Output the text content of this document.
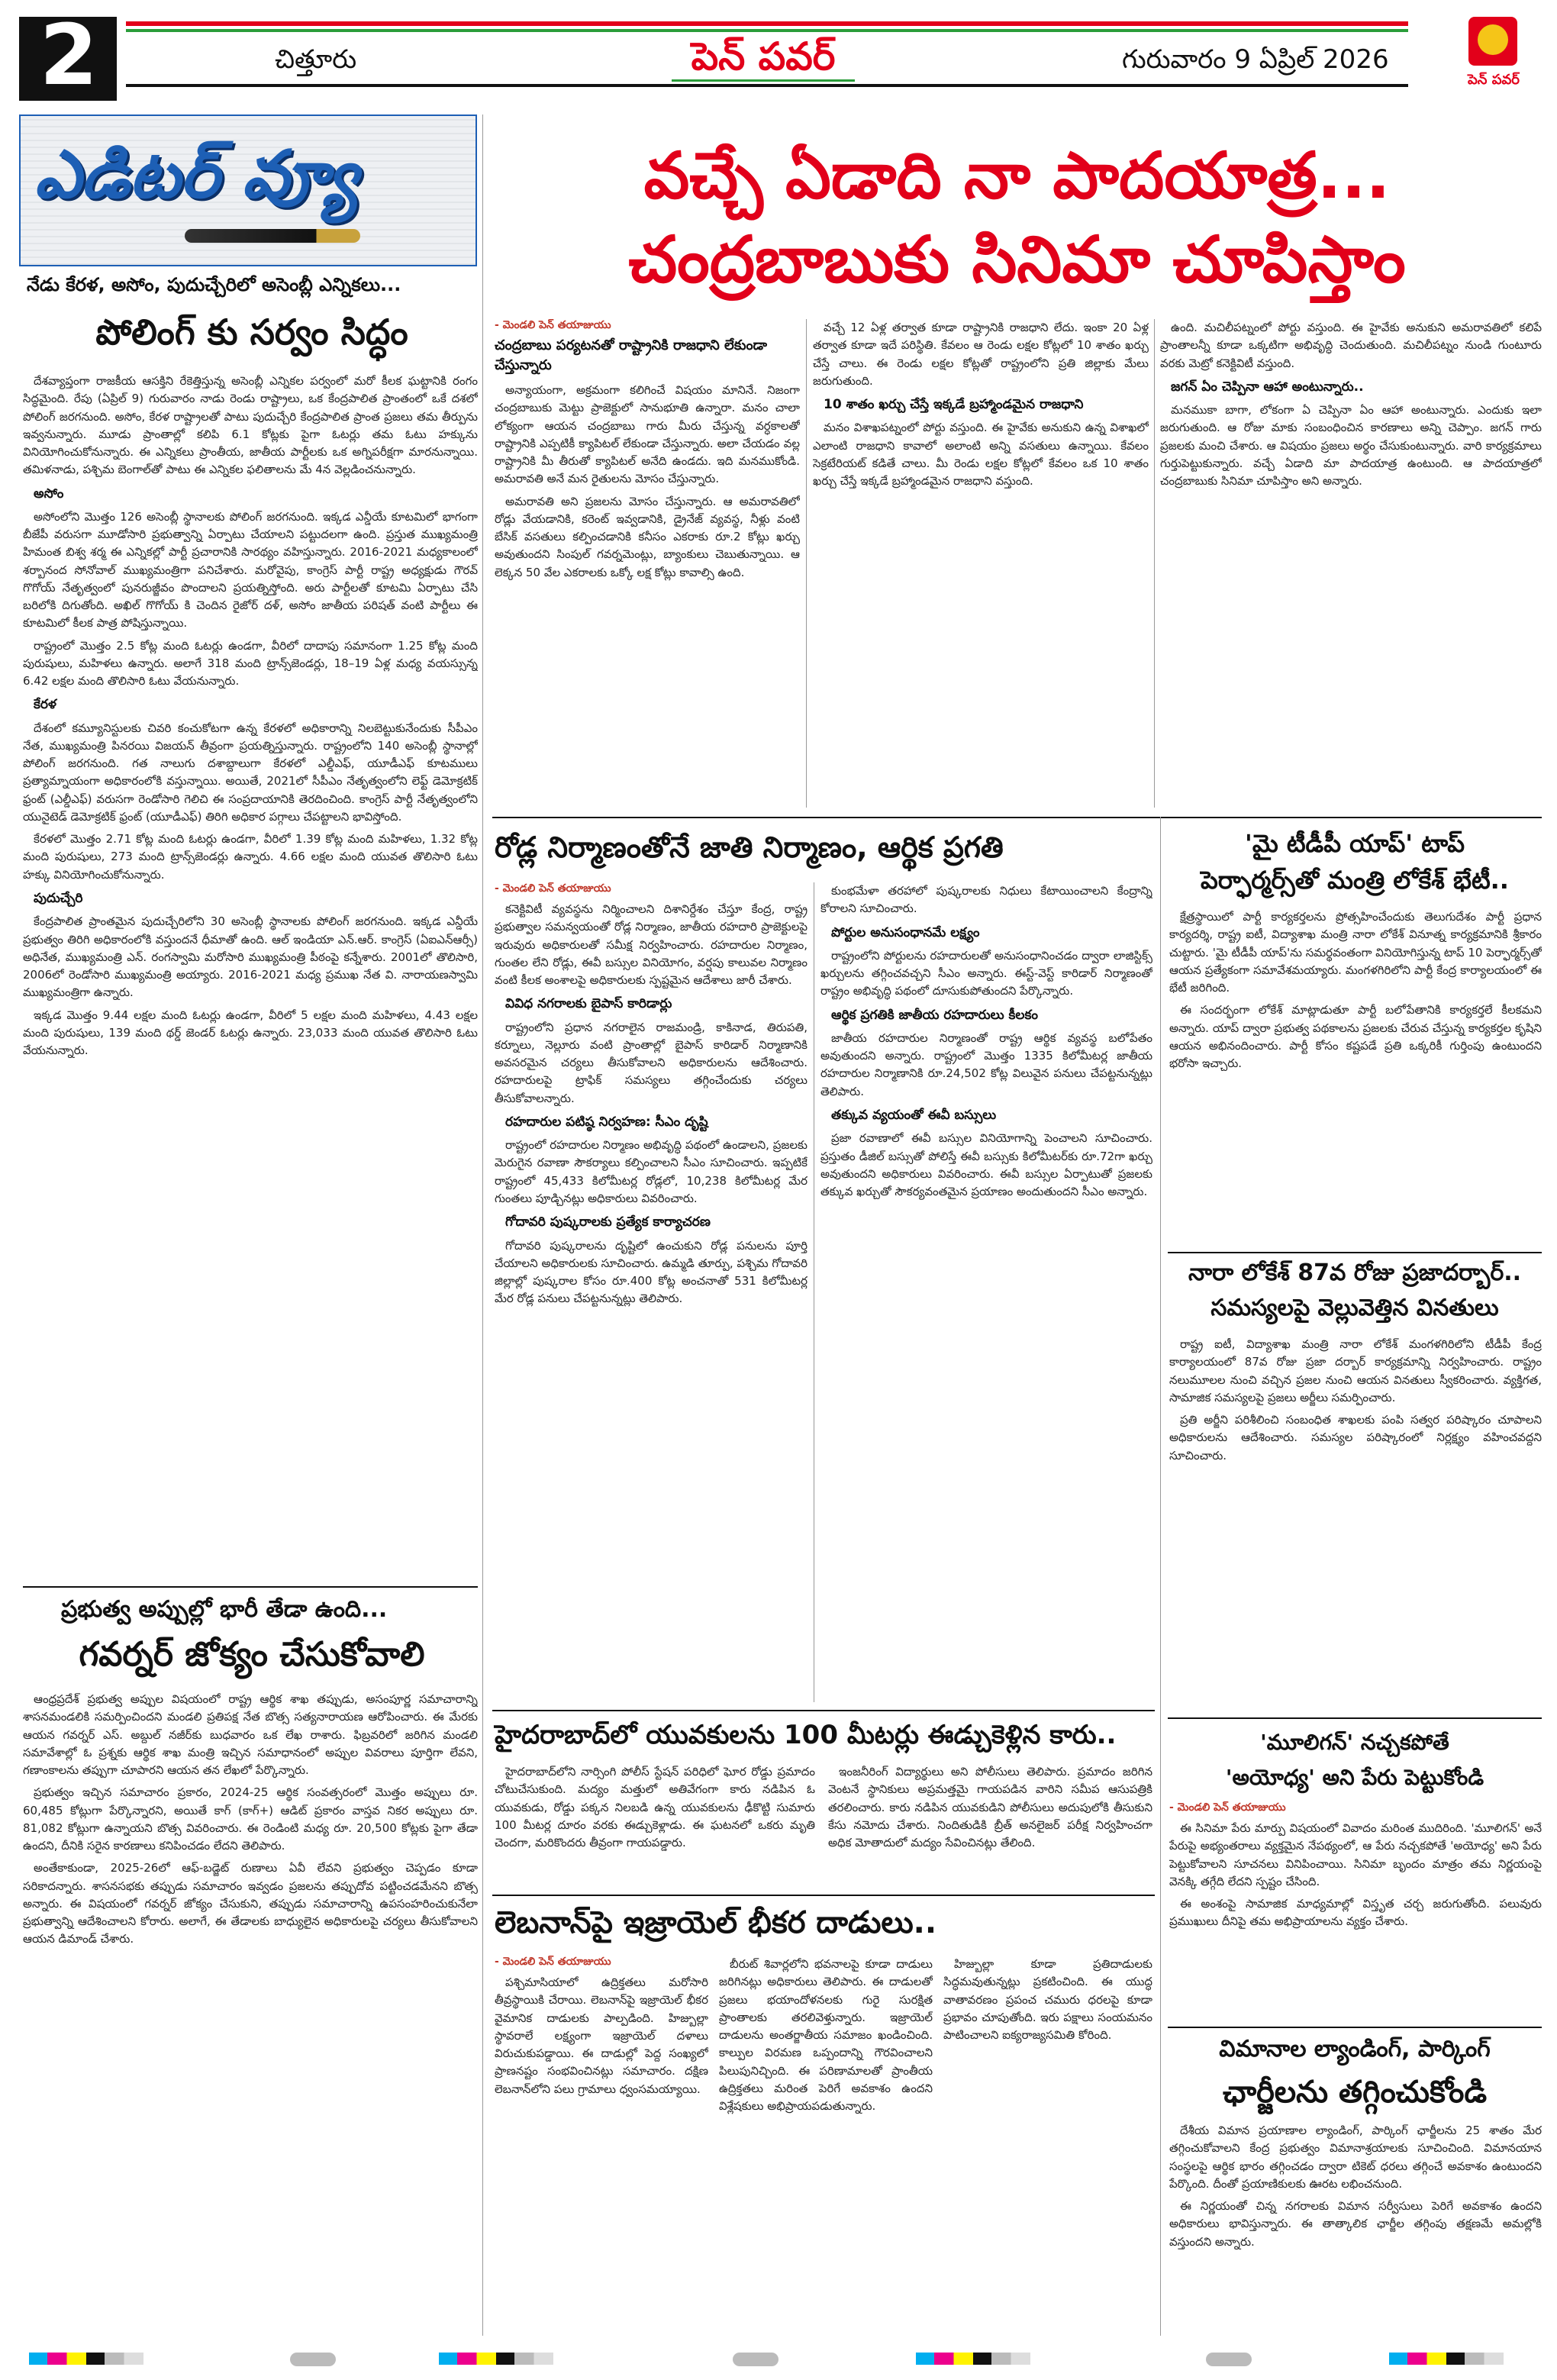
2	చిత్తూరు	పెన్ పవర్	గురువారం 9 ఏప్రిల్ 2026
పెన్ పవర్
ఎడిటర్ వ్యూ
నేడు కేరళ, అసోం, పుదుచ్చేరిలో అసెంబ్లీ ఎన్నికలు...
పోలింగ్ కు సర్వం సిద్ధం

దేశవ్యాప్తంగా రాజకీయ ఆసక్తిని రేకెత్తిస్తున్న అసెంబ్లీ ఎన్నికల పర్వంలో మరో కీలక ఘట్టానికి రంగం సిద్ధమైంది. రేపు (ఏప్రిల్ 9) గురువారం నాడు రెండు రాష్ట్రాలు, ఒక కేంద్రపాలిత ప్రాంతంలో ఒకే దశలో పోలింగ్ జరగనుంది. అసోం, కేరళ రాష్ట్రాలతో పాటు పుదుచ్చేరి కేంద్రపాలిత ప్రాంత ప్రజలు తమ తీర్పును ఇవ్వనున్నారు. మూడు ప్రాంతాల్లో కలిపి 6.1 కోట్లకు పైగా ఓటర్లు తమ ఓటు హక్కును వినియోగించుకోనున్నారు. ఈ ఎన్నికలు ప్రాంతీయ, జాతీయ పార్టీలకు ఒక అగ్నిపరీక్షగా మారనున్నాయి. తమిళనాడు, పశ్చిమ బెంగాల్‌తో పాటు ఈ ఎన్నికల ఫలితాలను మే 4న వెల్లడించనున్నారు.

అసోం

అసోంలోని మొత్తం 126 అసెంబ్లీ స్థానాలకు పోలింగ్ జరగనుంది. ఇక్కడ ఎన్డీయే కూటమిలో భాగంగా బీజేపీ వరుసగా మూడోసారి ప్రభుత్వాన్ని ఏర్పాటు చేయాలని పట్టుదలగా ఉంది. ప్రస్తుత ముఖ్యమంత్రి హిమంత బిశ్వ శర్మ ఈ ఎన్నికల్లో పార్టీ ప్రచారానికి సారథ్యం వహిస్తున్నారు. 2016-2021 మధ్యకాలంలో శర్బానంద సోనోవాల్ ముఖ్యమంత్రిగా పనిచేశారు. మరోవైపు, కాంగ్రెస్ పార్టీ రాష్ట్ర అధ్యక్షుడు గౌరవ్ గొగోయ్ నేతృత్వంలో పునరుజ్జీవం పొందాలని ప్రయత్నిస్తోంది. అరు పార్టీలతో కూటమి ఏర్పాటు చేసి బరిలోకి దిగుతోంది. అఖిల్ గొగోయ్ కి చెందిన రైజోర్ దళ్, అసోం జాతీయ పరిషత్ వంటి పార్టీలు ఈ కూటమిలో కీలక పాత్ర పోషిస్తున్నాయి.

రాష్ట్రంలో మొత్తం 2.5 కోట్ల మంది ఓటర్లు ఉండగా, వీరిలో దాదాపు సమానంగా 1.25 కోట్ల మంది పురుషులు, మహిళలు ఉన్నారు. అలాగే 318 మంది ట్రాన్స్‌జెండర్లు, 18–19 ఏళ్ల మధ్య వయస్సున్న 6.42 లక్షల మంది తొలిసారి ఓటు వేయనున్నారు.

కేరళ

దేశంలో కమ్యూనిస్టులకు చివరి కంచుకోటగా ఉన్న కేరళలో అధికారాన్ని నిలబెట్టుకునేందుకు సీపీఎం నేత, ముఖ్యమంత్రి పినరయి విజయన్ తీవ్రంగా ప్రయత్నిస్తున్నారు. రాష్ట్రంలోని 140 అసెంబ్లీ స్థానాల్లో పోలింగ్ జరగనుంది. గత నాలుగు దశాబ్దాలుగా కేరళలో ఎల్డీఎఫ్, యూడీఎఫ్ కూటములు ప్రత్యామ్నాయంగా అధికారంలోకి వస్తున్నాయి. అయితే, 2021లో సీపీఎం నేతృత్వంలోని లెఫ్ట్ డెమోక్రటిక్ ఫ్రంట్ (ఎల్డీఎఫ్) వరుసగా రెండోసారి గెలిచి ఈ సంప్రదాయానికి తెరదించింది. కాంగ్రెస్ పార్టీ నేతృత్వంలోని యునైటెడ్ డెమోక్రటిక్ ఫ్రంట్ (యూడీఎఫ్) తిరిగి అధికార పగ్గాలు చేపట్టాలని భావిస్తోంది.

కేరళలో మొత్తం 2.71 కోట్ల మంది ఓటర్లు ఉండగా, వీరిలో 1.39 కోట్ల మంది మహిళలు, 1.32 కోట్ల మంది పురుషులు, 273 మంది ట్రాన్స్‌జెండర్లు ఉన్నారు. 4.66 లక్షల మంది యువత తొలిసారి ఓటు హక్కు వినియోగించుకోనున్నారు.

పుదుచ్చేరి

కేంద్రపాలిత ప్రాంతమైన పుదుచ్చేరిలోని 30 అసెంబ్లీ స్థానాలకు పోలింగ్ జరగనుంది. ఇక్కడ ఎన్డీయే ప్రభుత్వం తిరిగి అధికారంలోకి వస్తుందనే ధీమాతో ఉంది. ఆల్ ఇండియా ఎన్.ఆర్. కాంగ్రెస్ (ఏఐఎన్ఆర్సీ) అధినేత, ముఖ్యమంత్రి ఎన్. రంగస్వామి మరోసారి ముఖ్యమంత్రి పీఠంపై కన్నేశారు. 2001లో తొలిసారి, 2006లో రెండోసారి ముఖ్యమంత్రి అయ్యారు. 2016-2021 మధ్య ప్రముఖ నేత వి. నారాయణస్వామి ముఖ్యమంత్రిగా ఉన్నారు.

ఇక్కడ మొత్తం 9.44 లక్షల మంది ఓటర్లు ఉండగా, వీరిలో 5 లక్షల మంది మహిళలు, 4.43 లక్షల మంది పురుషులు, 139 మంది థర్డ్ జెండర్ ఓటర్లు ఉన్నారు. 23,033 మంది యువత తొలిసారి ఓటు వేయనున్నారు.

ప్రభుత్వ అప్పుల్లో భారీ తేడా ఉంది...
గవర్నర్ జోక్యం చేసుకోవాలి

ఆంధ్రప్రదేశ్ ప్రభుత్వ అప్పుల విషయంలో రాష్ట్ర ఆర్థిక శాఖ తప్పుడు, అసంపూర్ణ సమాచారాన్ని శాసనమండలికి సమర్పించిందని మండలి ప్రతిపక్ష నేత బొత్స సత్యనారాయణ ఆరోపించారు. ఈ మేరకు ఆయన గవర్నర్ ఎస్. అబ్దుల్ నజీర్‌కు బుధవారం ఒక లేఖ రాశారు. ఫిబ్రవరిలో జరిగిన మండలి సమావేశాల్లో ఓ ప్రశ్నకు ఆర్థిక శాఖ మంత్రి ఇచ్చిన సమాధానంలో అప్పుల వివరాలు పూర్తిగా లేవని, గణాంకాలను తప్పుగా చూపారని ఆయన తన లేఖలో పేర్కొన్నారు.

ప్రభుత్వం ఇచ్చిన సమాచారం ప్రకారం, 2024-25 ఆర్థిక సంవత్సరంలో మొత్తం అప్పులు రూ. 60,485 కోట్లుగా పేర్కొన్నారని, అయితే కాగ్ (కాగ్+) ఆడిట్ ప్రకారం వాస్తవ నికర అప్పులు రూ. 81,082 కోట్లుగా ఉన్నాయని బొత్స వివరించారు. ఈ రెండింటి మధ్య రూ. 20,500 కోట్లకు పైగా తేడా ఉందని, దీనికి సరైన కారణాలు కనిపించడం లేదని తెలిపారు.

అంతేకాకుండా, 2025-26లో ఆఫ్-బడ్జెట్ రుణాలు ఏవీ లేవని ప్రభుత్వం చెప్పడం కూడా సరికాదన్నారు. శాసనసభకు తప్పుడు సమాచారం ఇవ్వడం ప్రజలను తప్పుదోవ పట్టించడమేనని బొత్స అన్నారు. ఈ విషయంలో గవర్నర్ జోక్యం చేసుకుని, తప్పుడు సమాచారాన్ని ఉపసంహరించుకునేలా ప్రభుత్వాన్ని ఆదేశించాలని కోరారు. అలాగే, ఈ తేడాలకు బాధ్యులైన అధికారులపై చర్యలు తీసుకోవాలని ఆయన డిమాండ్ చేశారు.

వచ్చే ఏడాది నా పాదయాత్ర...
చంద్రబాబుకు సినిమా చూపిస్తాం
- మెండలి పెన్ తయాజుయు
చంద్రబాబు పర్యటనతో రాష్ట్రానికి రాజధాని లేకుండా చేస్తున్నారు

అన్యాయంగా, అక్రమంగా కలిగించే విషయం మానినే. నిజంగా చంద్రబాబుకు మెట్టు ప్రాజెక్టులో సానుభూతి ఉన్నారా. మనం చాలా లోక్యంగా ఆయన చంద్రబాబు గారు మీరు చేస్తున్న వర్ధకాలతో రాష్ట్రానికి ఎప్పటికీ క్యాపిటల్ లేకుండా చేస్తున్నారు. అలా చేయడం వల్ల రాష్ట్రానికి మీ తీరుతో క్యాపిటల్ అనేది ఉండదు. ఇది మనముకోండి. అమరావతి అనే మన రైతులను మోసం చేస్తున్నారు.

అమరావతి అని ప్రజలను మోసం చేస్తున్నారు. ఆ అమరావతిలో రోడ్లు వేయడానికి, కరెంట్ ఇవ్వడానికి, డ్రైనేజ్ వ్యవస్థ, నీళ్లు వంటి బేసిక్ వసతులు కల్పించడానికి కనీసం ఎకరాకు రూ.2 కోట్లు ఖర్చు అవుతుందని సింపుల్ గవర్నమెంట్లు, బ్యాంకులు చెబుతున్నాయి. ఆ లెక్కన 50 వేల ఎకరాలకు ఒక్కో లక్ష కోట్లు కావాల్సి ఉంది.

వచ్చే 12 ఏళ్ల తర్వాత కూడా రాష్ట్రానికి రాజధాని లేదు. ఇంకా 20 ఏళ్ల తర్వాత కూడా ఇదే పరిస్థితి. కేవలం ఆ రెండు లక్షల కోట్లలో 10 శాతం ఖర్చు చేస్తే చాలు. ఈ రెండు లక్షల కోట్లతో రాష్ట్రంలోని ప్రతి జిల్లాకు మేలు జరుగుతుంది.

10 శాతం ఖర్చు చేస్తే ఇక్కడే బ్రహ్మాండమైన రాజధాని

మనం విశాఖపట్నంలో పోర్టు వస్తుంది. ఈ హైవేకు అనుకుని ఉన్న విశాఖలో ఎలాంటి రాజధాని కావాలో అలాంటి అన్ని వసతులు ఉన్నాయి. కేవలం సెక్రటేరియట్ కడితే చాలు. మీ రెండు లక్షల కోట్లలో కేవలం ఒక 10 శాతం ఖర్చు చేస్తే ఇక్కడే బ్రహ్మాండమైన రాజధాని వస్తుంది.

ఉంది. మచిలీపట్నంలో పోర్టు వస్తుంది. ఈ హైవేకు అనుకుని అమరావతిలో కలిపే ప్రాంతాలన్నీ కూడా ఒక్కటిగా అభివృద్ధి చెందుతుంది. మచిలీపట్నం నుండి గుంటూరు వరకు మెట్రో కనెక్టివిటీ వస్తుంది.

జగన్ ఏం చెప్పినా ఆహా అంటున్నారు..

మనముకా బాగా, లోకంగా ఏ చెప్పినా ఏం ఆహా అంటున్నారు. ఎందుకు ఇలా జరుగుతుంది. ఆ రోజు మాకు సంబంధించిన కారణాలు అన్ని చెప్పాం. జగన్ గారు ప్రజలకు మంచి చేశారు. ఆ విషయం ప్రజలు అర్థం చేసుకుంటున్నారు. వారి కార్యక్రమాలు గుర్తుపెట్టుకున్నారు. వచ్చే ఏడాది మా పాదయాత్ర ఉంటుంది. ఆ పాదయాత్రలో చంద్రబాబుకు సినిమా చూపిస్తాం అని అన్నారు.

రోడ్ల నిర్మాణంతోనే జాతి నిర్మాణం, ఆర్థిక ప్రగతి
- మెండలి పెన్ తయాజుయు

కనెక్టివిటీ వ్యవస్థను నిర్మించాలని దిశానిర్దేశం చేస్తూ కేంద్ర, రాష్ట్ర ప్రభుత్వాల సమన్వయంతో రోడ్ల నిర్మాణం, జాతీయ రహదారి ప్రాజెక్టులపై ఇరువురు అధికారులతో సమీక్ష నిర్వహించారు. రహదారుల నిర్మాణం, గుంతల లేని రోడ్లు, ఈవీ బస్సుల వినియోగం, వర్షపు కాలువల నిర్మాణం వంటి కీలక అంశాలపై అధికారులకు స్పష్టమైన ఆదేశాలు జారీ చేశారు.

వివిధ నగరాలకు బైపాస్ కారిడార్లు

రాష్ట్రంలోని ప్రధాన నగరాలైన రాజమండ్రి, కాకినాడ, తిరుపతి, కర్నూలు, నెల్లూరు వంటి ప్రాంతాల్లో బైపాస్ కారిడార్ నిర్మాణానికి అవసరమైన చర్యలు తీసుకోవాలని అధికారులను ఆదేశించారు. రహదారులపై ట్రాఫిక్ సమస్యలు తగ్గించేందుకు చర్యలు తీసుకోవాలన్నారు.

రహదారుల పటిష్ఠ నిర్వహణ: సీఎం దృష్టి

రాష్ట్రంలో రహదారుల నిర్మాణం అభివృద్ధి పథంలో ఉండాలని, ప్రజలకు మెరుగైన రవాణా సౌకర్యాలు కల్పించాలని సీఎం సూచించారు. ఇప్పటికే రాష్ట్రంలో 45,433 కిలోమీటర్ల రోడ్లలో, 10,238 కిలోమీటర్ల మేర గుంతలు పూడ్చినట్లు అధికారులు వివరించారు.

గోదావరి పుష్కరాలకు ప్రత్యేక కార్యాచరణ

గోదావరి పుష్కరాలను దృష్టిలో ఉంచుకుని రోడ్ల పనులను పూర్తి చేయాలని అధికారులకు సూచించారు. ఉమ్మడి తూర్పు, పశ్చిమ గోదావరి జిల్లాల్లో పుష్కరాల కోసం రూ.400 కోట్ల అంచనాతో 531 కిలోమీటర్ల మేర రోడ్ల పనులు చేపట్టనున్నట్లు తెలిపారు.

కుంభమేళా తరహాలో పుష్కరాలకు నిధులు కేటాయించాలని కేంద్రాన్ని కోరాలని సూచించారు.

పోర్టుల అనుసంధానమే లక్ష్యం

రాష్ట్రంలోని పోర్టులను రహదారులతో అనుసంధానించడం ద్వారా లాజిస్టిక్స్ ఖర్చులను తగ్గించవచ్చని సీఎం అన్నారు. ఈస్ట్-వెస్ట్ కారిడార్ నిర్మాణంతో రాష్ట్రం అభివృద్ధి పథంలో దూసుకుపోతుందని పేర్కొన్నారు.

ఆర్థిక ప్రగతికి జాతీయ రహదారులు కీలకం

జాతీయ రహదారుల నిర్మాణంతో రాష్ట్ర ఆర్థిక వ్యవస్థ బలోపేతం అవుతుందని అన్నారు. రాష్ట్రంలో మొత్తం 1335 కిలోమీటర్ల జాతీయ రహదారుల నిర్మాణానికి రూ.24,502 కోట్ల విలువైన పనులు చేపట్టనున్నట్లు తెలిపారు.

తక్కువ వ్యయంతో ఈవీ బస్సులు

ప్రజా రవాణాలో ఈవీ బస్సుల వినియోగాన్ని పెంచాలని సూచించారు. ప్రస్తుతం డీజిల్ బస్సుతో పోలిస్తే ఈవీ బస్సుకు కిలోమీటర్‌కు రూ.72గా ఖర్చు అవుతుందని అధికారులు వివరించారు. ఈవీ బస్సుల ఏర్పాటుతో ప్రజలకు తక్కువ ఖర్చుతో సౌకర్యవంతమైన ప్రయాణం అందుతుందని సీఎం అన్నారు.

హైదరాబాద్‌లో యువకులను 100 మీటర్లు ఈడ్చుకెళ్లిన కారు..

హైదరాబాద్‌లోని నార్సింగి పోలీస్ స్టేషన్ పరిధిలో ఘోర రోడ్డు ప్రమాదం చోటుచేసుకుంది. మద్యం మత్తులో అతివేగంగా కారు నడిపిన ఓ యువకుడు, రోడ్డు పక్కన నిలబడి ఉన్న యువకులను ఢీకొట్టి సుమారు 100 మీటర్ల దూరం వరకు ఈడ్చుకెళ్లాడు. ఈ ఘటనలో ఒకరు మృతి చెందగా, మరికొందరు తీవ్రంగా గాయపడ్డారు.

ఇంజనీరింగ్ విద్యార్థులు అని పోలీసులు తెలిపారు. ప్రమాదం జరిగిన వెంటనే స్థానికులు అప్రమత్తమై గాయపడిన వారిని సమీప ఆసుపత్రికి తరలించారు. కారు నడిపిన యువకుడిని పోలీసులు అదుపులోకి తీసుకుని కేసు నమోదు చేశారు. నిందితుడికి బ్రీత్ అనలైజర్ పరీక్ష నిర్వహించగా అధిక మోతాదులో మద్యం సేవించినట్లు తేలింది.

లెబనాన్‌పై ఇజ్రాయెల్ భీకర దాడులు..
- మెండలి పెన్ తయాజుయు

పశ్చిమాసియాలో ఉద్రిక్తతలు మరోసారి తీవ్రస్థాయికి చేరాయి. లెబనాన్‌పై ఇజ్రాయెల్ భీకర వైమానిక దాడులకు పాల్పడింది. హిజ్బుల్లా స్థావరాలే లక్ష్యంగా ఇజ్రాయెల్ దళాలు విరుచుకుపడ్డాయి. ఈ దాడుల్లో పెద్ద సంఖ్యలో ప్రాణనష్టం సంభవించినట్లు సమాచారం. దక్షిణ లెబనాన్‌లోని పలు గ్రామాలు ధ్వంసమయ్యాయి.

బీరుట్ శివార్లలోని భవనాలపై కూడా దాడులు జరిగినట్లు అధికారులు తెలిపారు. ఈ దాడులతో ప్రజలు భయాందోళనలకు గురై సురక్షిత ప్రాంతాలకు తరలివెళ్తున్నారు. ఇజ్రాయెల్ దాడులను అంతర్జాతీయ సమాజం ఖండించింది. కాల్పుల విరమణ ఒప్పందాన్ని గౌరవించాలని పిలుపునిచ్చింది. ఈ పరిణామాలతో ప్రాంతీయ ఉద్రిక్తతలు మరింత పెరిగే అవకాశం ఉందని విశ్లేషకులు అభిప్రాయపడుతున్నారు.

హిజ్బుల్లా కూడా ప్రతిదాడులకు సిద్ధమవుతున్నట్లు ప్రకటించింది. ఈ యుద్ధ వాతావరణం ప్రపంచ చమురు ధరలపై కూడా ప్రభావం చూపుతోంది. ఇరు పక్షాలు సంయమనం పాటించాలని ఐక్యరాజ్యసమితి కోరింది.

'మై టీడీపీ యాప్' టాప్
పెర్ఫార్మర్స్‌తో మంత్రి లోకేశ్ భేటీ..

క్షేత్రస్థాయిలో పార్టీ కార్యకర్తలను ప్రోత్సహించేందుకు తెలుగుదేశం పార్టీ ప్రధాన కార్యదర్శి, రాష్ట్ర ఐటీ, విద్యాశాఖ మంత్రి నారా లోకేశ్ వినూత్న కార్యక్రమానికి శ్రీకారం చుట్టారు. 'మై టీడీపీ యాప్'ను సమర్థవంతంగా వినియోగిస్తున్న టాప్ 10 పెర్ఫార్మర్స్‌తో ఆయన ప్రత్యేకంగా సమావేశమయ్యారు. మంగళగిరిలోని పార్టీ కేంద్ర కార్యాలయంలో ఈ భేటీ జరిగింది.

ఈ సందర్భంగా లోకేశ్ మాట్లాడుతూ పార్టీ బలోపేతానికి కార్యకర్తలే కీలకమని అన్నారు. యాప్ ద్వారా ప్రభుత్వ పథకాలను ప్రజలకు చేరువ చేస్తున్న కార్యకర్తల కృషిని ఆయన అభినందించారు. పార్టీ కోసం కష్టపడే ప్రతి ఒక్కరికీ గుర్తింపు ఉంటుందని భరోసా ఇచ్చారు.

నారా లోకేశ్ 87వ రోజు ప్రజాదర్బార్..
సమస్యలపై వెల్లువెత్తిన వినతులు

రాష్ట్ర ఐటీ, విద్యాశాఖ మంత్రి నారా లోకేశ్ మంగళగిరిలోని టీడీపీ కేంద్ర కార్యాలయంలో 87వ రోజు ప్రజా దర్బార్ కార్యక్రమాన్ని నిర్వహించారు. రాష్ట్రం నలుమూలల నుంచి వచ్చిన ప్రజల నుంచి ఆయన వినతులు స్వీకరించారు. వ్యక్తిగత, సామాజిక సమస్యలపై ప్రజలు అర్జీలు సమర్పించారు.

ప్రతి అర్జీని పరిశీలించి సంబంధిత శాఖలకు పంపి సత్వర పరిష్కారం చూపాలని అధికారులను ఆదేశించారు. సమస్యల పరిష్కారంలో నిర్లక్ష్యం వహించవద్దని సూచించారు.

'మూలిగన్' నచ్చకపోతే
'అయోధ్య' అని పేరు పెట్టుకోండి
- మెండలి పెన్ తయాజుయు

ఈ సినిమా పేరు మార్పు విషయంలో వివాదం మరింత ముదిరింది. 'మూలిగన్' అనే పేరుపై అభ్యంతరాలు వ్యక్తమైన నేపథ్యంలో, ఆ పేరు నచ్చకపోతే 'అయోధ్య' అని పేరు పెట్టుకోవాలని సూచనలు వినిపించాయి. సినిమా బృందం మాత్రం తమ నిర్ణయంపై వెనక్కి తగ్గేది లేదని స్పష్టం చేసింది.

ఈ అంశంపై సామాజిక మాధ్యమాల్లో విస్తృత చర్చ జరుగుతోంది. పలువురు ప్రముఖులు దీనిపై తమ అభిప్రాయాలను వ్యక్తం చేశారు.

విమానాల ల్యాండింగ్, పార్కింగ్
ఛార్జీలను తగ్గించుకోండి

దేశీయ విమాన ప్రయాణాల ల్యాండింగ్, పార్కింగ్ ఛార్జీలను 25 శాతం మేర తగ్గించుకోవాలని కేంద్ర ప్రభుత్వం విమానాశ్రయాలకు సూచించింది. విమానయాన సంస్థలపై ఆర్థిక భారం తగ్గించడం ద్వారా టికెట్ ధరలు తగ్గించే అవకాశం ఉంటుందని పేర్కొంది. దీంతో ప్రయాణికులకు ఊరట లభించనుంది.

ఈ నిర్ణయంతో చిన్న నగరాలకు విమాన సర్వీసులు పెరిగే అవకాశం ఉందని అధికారులు భావిస్తున్నారు. ఈ తాత్కాలిక ఛార్జీల తగ్గింపు తక్షణమే అమల్లోకి వస్తుందని అన్నారు.
